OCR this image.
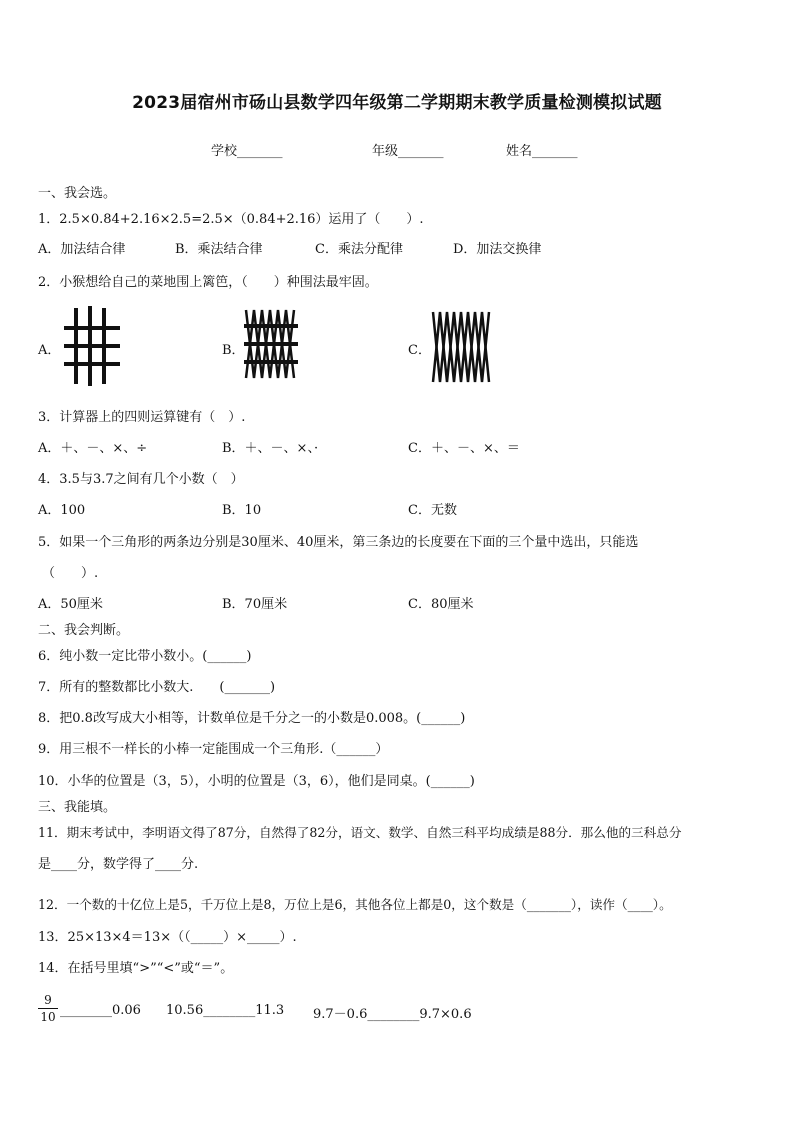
2023届宿州市砀山县数学四年级第二学期期末教学质量检测模拟试题
学校_______	年级_______	姓名_______
一、我会选。
1．2.5×0.84+2.16×2.5=2.5×（0.84+2.16）运用了（　　）.
A．加法结合律	B．乘法结合律	C．乘法分配律	D．加法交换律
2．小猴想给自己的菜地围上篱笆，（　　）种围法最牢固。
A．	B．	C．
3．计算器上的四则运算键有（　）.
A．＋、－、×、÷	B．＋、－、×、·	C．＋、－、×、＝
4．3.5与3.7之间有几个小数（　）
A．100	B．10	C．无数
5．如果一个三角形的两条边分别是30厘米、40厘米，第三条边的长度要在下面的三个量中选出，只能选
（　　）.
A．50厘米	B．70厘米	C．80厘米
二、我会判断。
6．纯小数一定比带小数小。(______)
7．所有的整数都比小数大.　　(_______)
8．把0.8改写成大小相等，计数单位是千分之一的小数是0.008。(______)
9．用三根不一样长的小棒一定能围成一个三角形.（______）
10．小华的位置是（3，5），小明的位置是（3，6），他们是同桌。(______)
三、我能填。
11．期末考试中，李明语文得了87分，自然得了82分，语文、数学、自然三科平均成绩是88分．那么他的三科总分
是____分，数学得了____分.
12．一个数的十亿位上是5，千万位上是8，万位上是6，其他各位上都是0，这个数是（_______），读作（____）。
13．25×13×4＝13×（（_____）×_____）.
14．在括号里填“>”“<”或“＝”。
9
10 ________0.06 10.56________11.3 9.7－0.6________9.7×0.6
